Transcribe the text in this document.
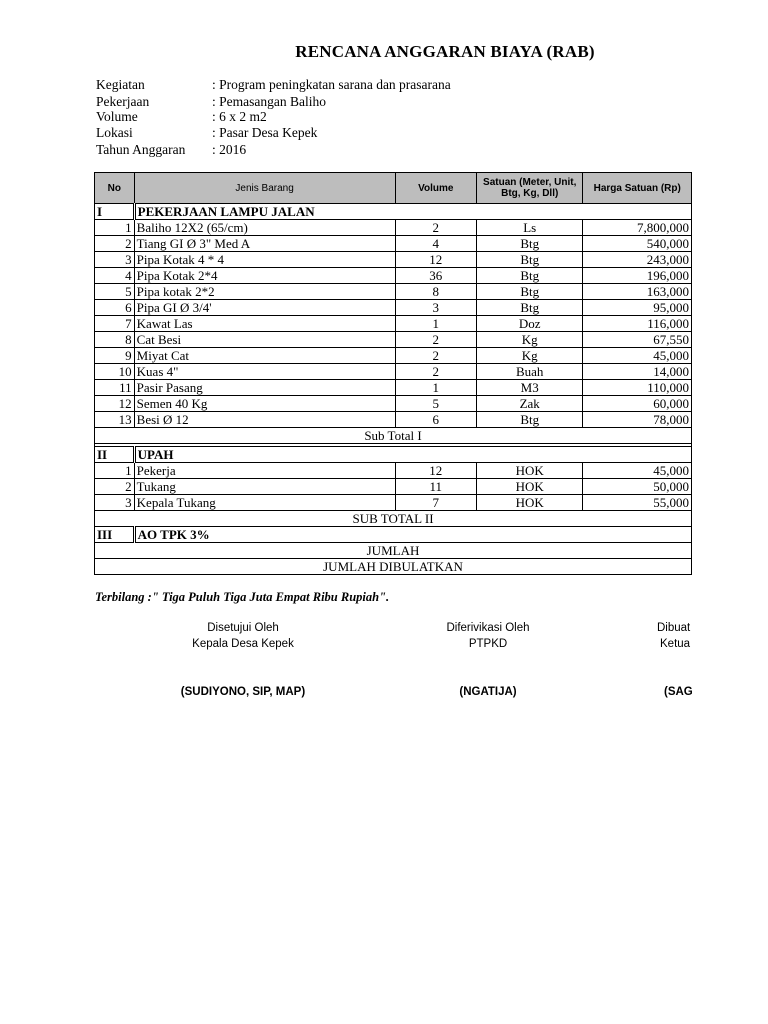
RENCANA ANGGARAN BIAYA (RAB)
Kegiatan	: Program peningkatan sarana dan prasarana
Pekerjaan	: Pemasangan Baliho
Volume	: 6 x 2 m2
Lokasi	: Pasar Desa Kepek
Tahun Anggaran : 2016
No	Jenis Barang	Volume	Satuan (Meter, Unit, Btg, Kg, Dll)	Harga Satuan (Rp)
I	PEKERJAAN LAMPU JALAN			
1	Baliho 12X2 (65/cm)	2	Ls	7,800,000
2	Tiang GI Ø 3" Med A	4	Btg	540,000
3	Pipa Kotak 4 * 4	12	Btg	243,000
4	Pipa Kotak 2*4	36	Btg	196,000
5	Pipa kotak 2*2	8	Btg	163,000
6	Pipa GI Ø 3/4'	3	Btg	95,000
7	Kawat Las	1	Doz	116,000
8	Cat Besi	2	Kg	67,550
9	Miyat Cat	2	Kg	45,000
10	Kuas 4"	2	Buah	14,000
11	Pasir Pasang	1	M3	110,000
12	Semen 40 Kg	5	Zak	60,000
13	Besi Ø 12	6	Btg	78,000
Sub Total I				

II	UPAH			
1	Pekerja	12	HOK	45,000
2	Tukang	11	HOK	50,000
3	Kepala Tukang	7	HOK	55,000
SUB TOTAL II				
III	AO TPK 3%			
JUMLAH				
JUMLAH DIBULATKAN				
Terbilang :" Tiga Puluh Tiga Juta Empat Ribu Rupiah".
Disetujui Oleh
Kepala Desa Kepek
(SUDIYONO, SIP, MAP)
Diferivikasi Oleh
PTPKD
(NGATIJA)
Dibuat
Ketua
(SAG
